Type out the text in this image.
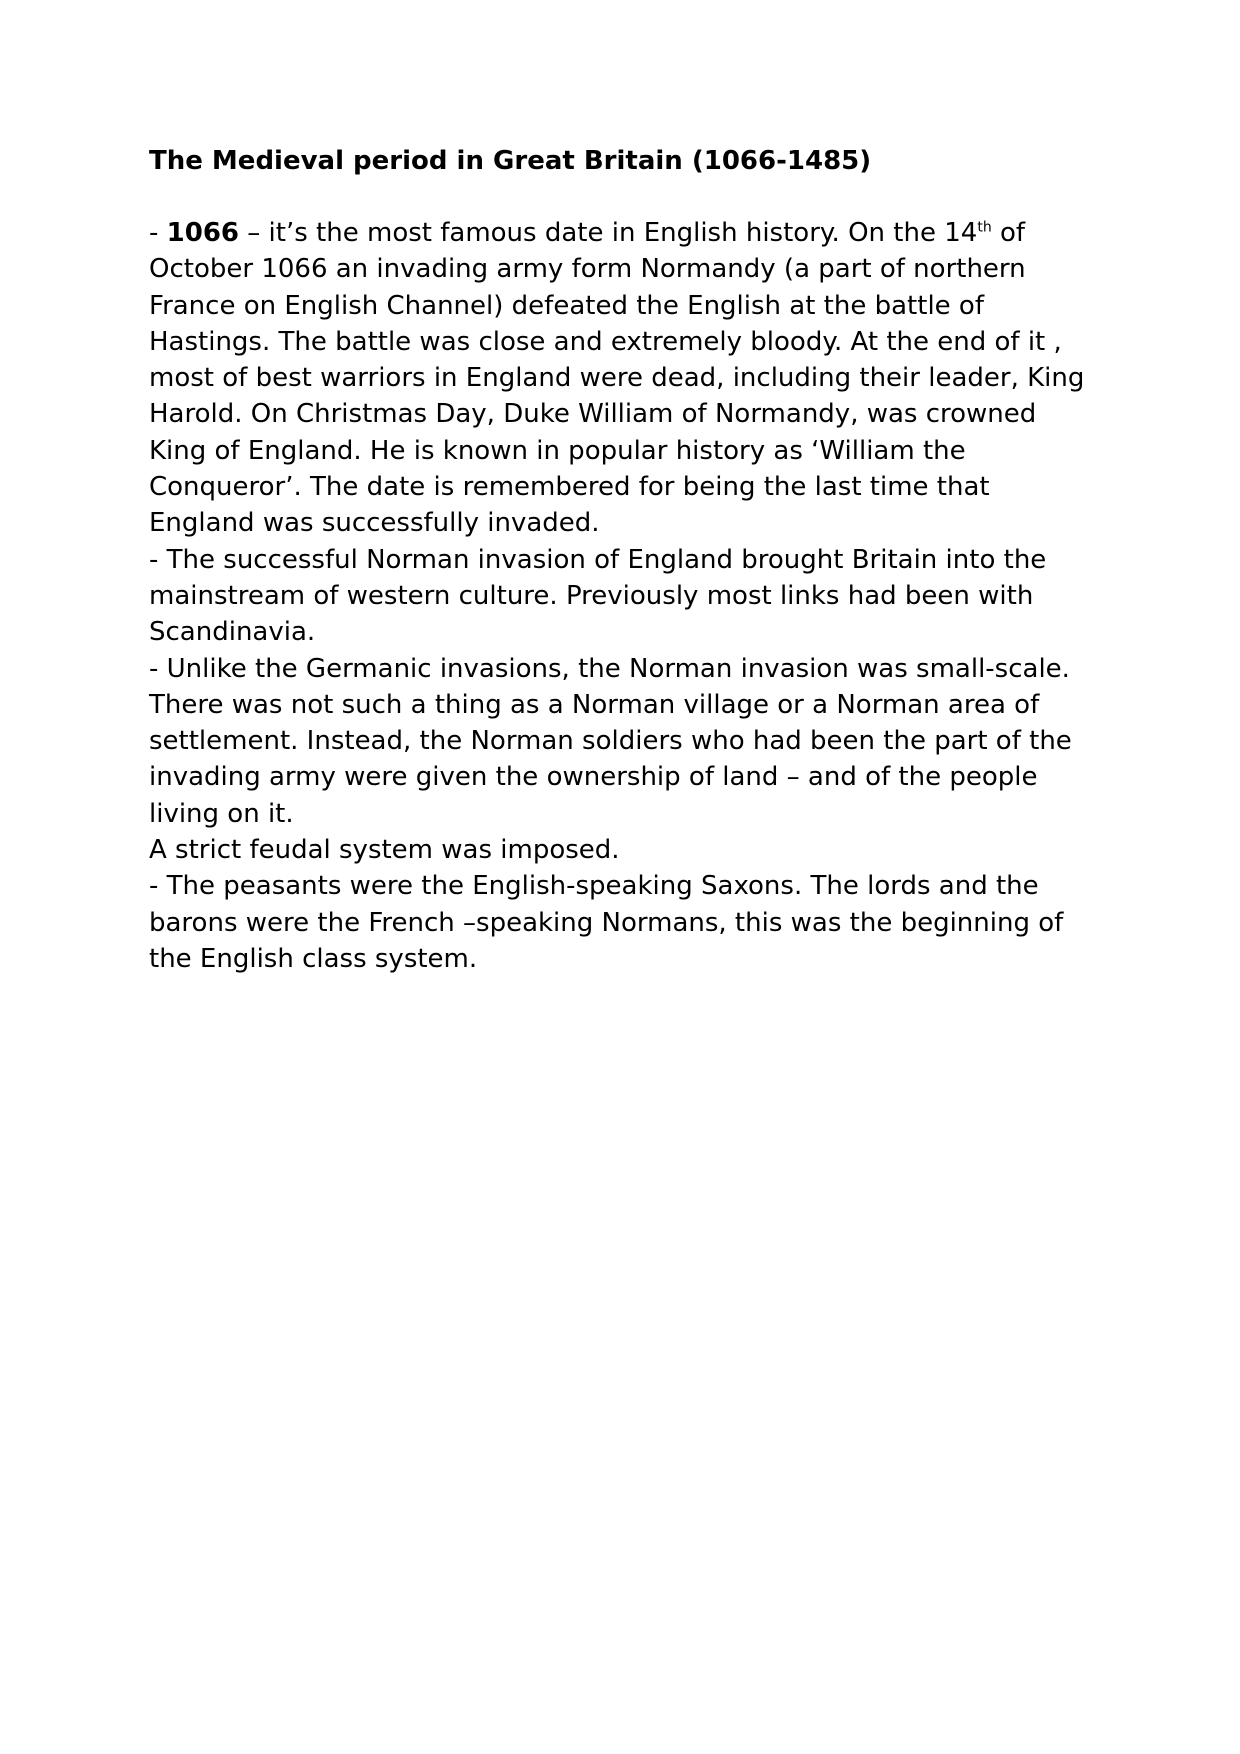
The Medieval period in Great Britain (1066-1485)

- 1066 – it’s the most famous date in English history. On the 14th of October 1066 an invading army form Normandy (a part of northern France on English Channel) defeated the English at the battle of Hastings. The battle was close and extremely bloody. At the end of it , most of best warriors in England were dead, including their leader, King Harold. On Christmas Day, Duke William of Normandy, was crowned King of England. He is known in popular history as ‘William the Conqueror’. The date is remembered for being the last time that England was successfully invaded.

- The successful Norman invasion of England brought Britain into the mainstream of western culture. Previously most links had been with Scandinavia.

- Unlike the Germanic invasions, the Norman invasion was small-scale. There was not such a thing as a Norman village or a Norman area of settlement. Instead, the Norman soldiers who had been the part of the invading army were given the ownership of land – and of the people living on it.

A strict feudal system was imposed.

- The peasants were the English-speaking Saxons. The lords and the barons were the French –speaking Normans, this was the beginning of the English class system.
